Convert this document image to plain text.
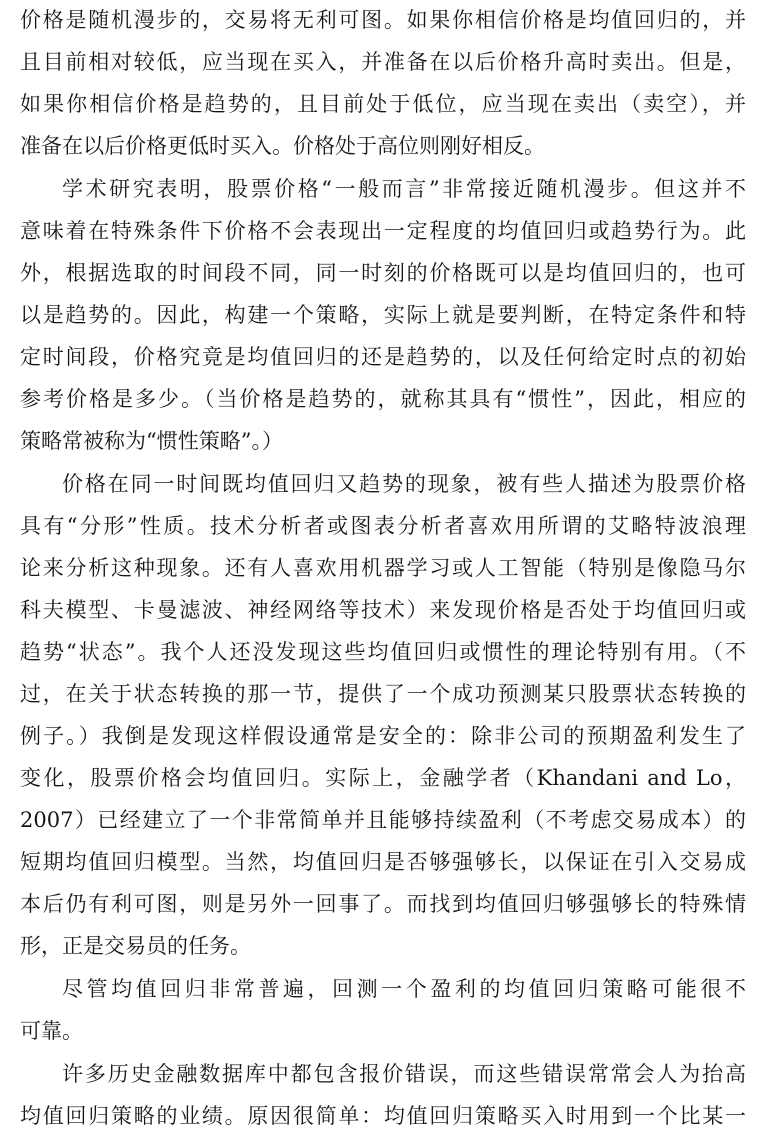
价格是随机漫步的，交易将无利可图。如果你相信价格是均值回归的，并
且目前相对较低，应当现在买入，并准备在以后价格升高时卖出。但是，
如果你相信价格是趋势的，且目前处于低位，应当现在卖出（卖空），并
准备在以后价格更低时买入。价格处于高位则刚好相反。
学术研究表明，股票价格“一般而言”非常接近随机漫步。但这并不
意味着在特殊条件下价格不会表现出一定程度的均值回归或趋势行为。此
外，根据选取的时间段不同，同一时刻的价格既可以是均值回归的，也可
以是趋势的。因此，构建一个策略，实际上就是要判断，在特定条件和特
定时间段，价格究竟是均值回归的还是趋势的，以及任何给定时点的初始
参考价格是多少。（当价格是趋势的，就称其具有“惯性”，因此，相应的
策略常被称为“惯性策略”。）
价格在同一时间既均值回归又趋势的现象，被有些人描述为股票价格
具有“分形”性质。技术分析者或图表分析者喜欢用所谓的艾略特波浪理
论来分析这种现象。还有人喜欢用机器学习或人工智能（特别是像隐马尔
科夫模型、卡曼滤波、神经网络等技术）来发现价格是否处于均值回归或
趋势“状态”。我个人还没发现这些均值回归或惯性的理论特别有用。（不
过，在关于状态转换的那一节，提供了一个成功预测某只股票状态转换的
例子。）我倒是发现这样假设通常是安全的：除非公司的预期盈利发生了
变化，股票价格会均值回归。实际上，金融学者（Khandani and Lo，
2007）已经建立了一个非常简单并且能够持续盈利（不考虑交易成本）的
短期均值回归模型。当然，均值回归是否够强够长，以保证在引入交易成
本后仍有利可图，则是另外一回事了。而找到均值回归够强够长的特殊情
形，正是交易员的任务。
尽管均值回归非常普遍，回测一个盈利的均值回归策略可能很不
可靠。
许多历史金融数据库中都包含报价错误，而这些错误常常会人为抬高
均值回归策略的业绩。原因很简单：均值回归策略买入时用到一个比某一
